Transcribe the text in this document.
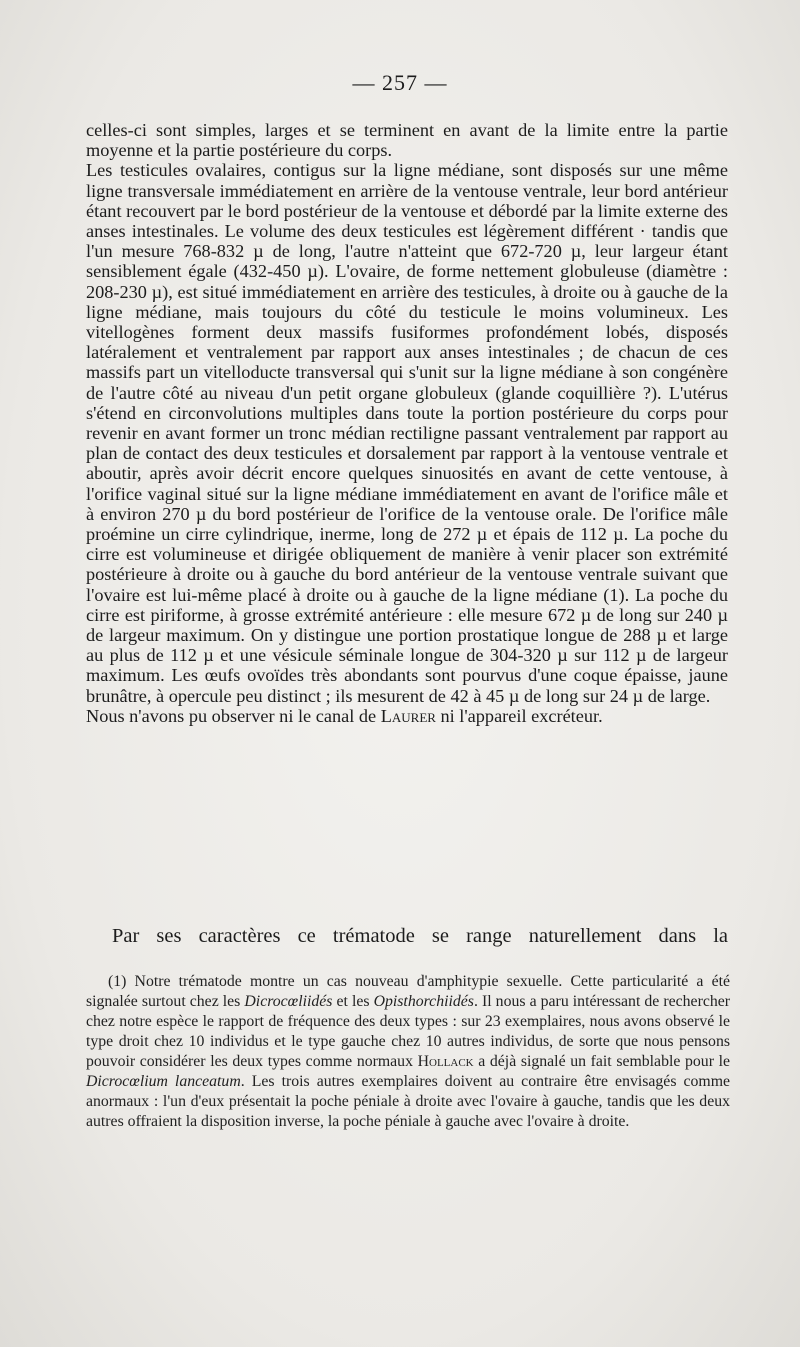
— 257 —

celles-ci sont simples, larges et se terminent en avant de la limite entre la partie moyenne et la partie postérieure du corps.

Les testicules ovalaires, contigus sur la ligne médiane, sont disposés sur une même ligne transversale immédiatement en arrière de la ventouse ventrale, leur bord antérieur étant recouvert par le bord postérieur de la ventouse et débordé par la limite externe des anses intestinales. Le volume des deux testicules est légèrement différent · tandis que l'un mesure 768-832 µ de long, l'autre n'atteint que 672-720 µ, leur largeur étant sensiblement égale (432-450 µ). L'ovaire, de forme nettement globuleuse (diamètre : 208-230 µ), est situé immédiatement en arrière des testicules, à droite ou à gauche de la ligne médiane, mais toujours du côté du testicule le moins volumineux. Les vitellogènes forment deux massifs fusiformes profondément lobés, disposés latéralement et ventralement par rapport aux anses intestinales ; de chacun de ces massifs part un vitelloducte transversal qui s'unit sur la ligne médiane à son congénère de l'autre côté au niveau d'un petit organe globuleux (glande coquillière ?). L'utérus s'étend en circonvolutions multiples dans toute la portion postérieure du corps pour revenir en avant former un tronc médian rectiligne passant ventralement par rapport au plan de contact des deux testicules et dorsalement par rapport à la ventouse ventrale et aboutir, après avoir décrit encore quelques sinuosités en avant de cette ventouse, à l'orifice vaginal situé sur la ligne médiane immédiatement en avant de l'orifice mâle et à environ 270 µ du bord postérieur de l'orifice de la ventouse orale. De l'orifice mâle proémine un cirre cylindrique, inerme, long de 272 µ et épais de 112 µ. La poche du cirre est volumineuse et dirigée obliquement de manière à venir placer son extrémité postérieure à droite ou à gauche du bord antérieur de la ventouse ventrale suivant que l'ovaire est lui-même placé à droite ou à gauche de la ligne médiane (1). La poche du cirre est piriforme, à grosse extrémité antérieure : elle mesure 672 µ de long sur 240 µ de largeur maximum. On y distingue une portion prostatique longue de 288 µ et large au plus de 112 µ et une vésicule séminale longue de 304-320 µ sur 112 µ de largeur maximum. Les œufs ovoïdes très abondants sont pourvus d'une coque épaisse, jaune brunâtre, à opercule peu distinct ; ils mesurent de 42 à 45 µ de long sur 24 µ de large.

Nous n'avons pu observer ni le canal de Laurer ni l'appareil excréteur.

Par ses caractères ce trématode se range naturellement dans la

(1) Notre trématode montre un cas nouveau d'amphitypie sexuelle. Cette particularité a été signalée surtout chez les Dicrocœliidés et les Opisthorchiidés. Il nous a paru intéressant de rechercher chez notre espèce le rapport de fréquence des deux types : sur 23 exemplaires, nous avons observé le type droit chez 10 individus et le type gauche chez 10 autres individus, de sorte que nous pensons pouvoir considérer les deux types comme normaux Hollack a déjà signalé un fait semblable pour le Dicrocœlium lanceatum. Les trois autres exemplaires doivent au contraire être envisagés comme anormaux : l'un d'eux présentait la poche péniale à droite avec l'ovaire à gauche, tandis que les deux autres offraient la disposition inverse, la poche péniale à gauche avec l'ovaire à droite.
